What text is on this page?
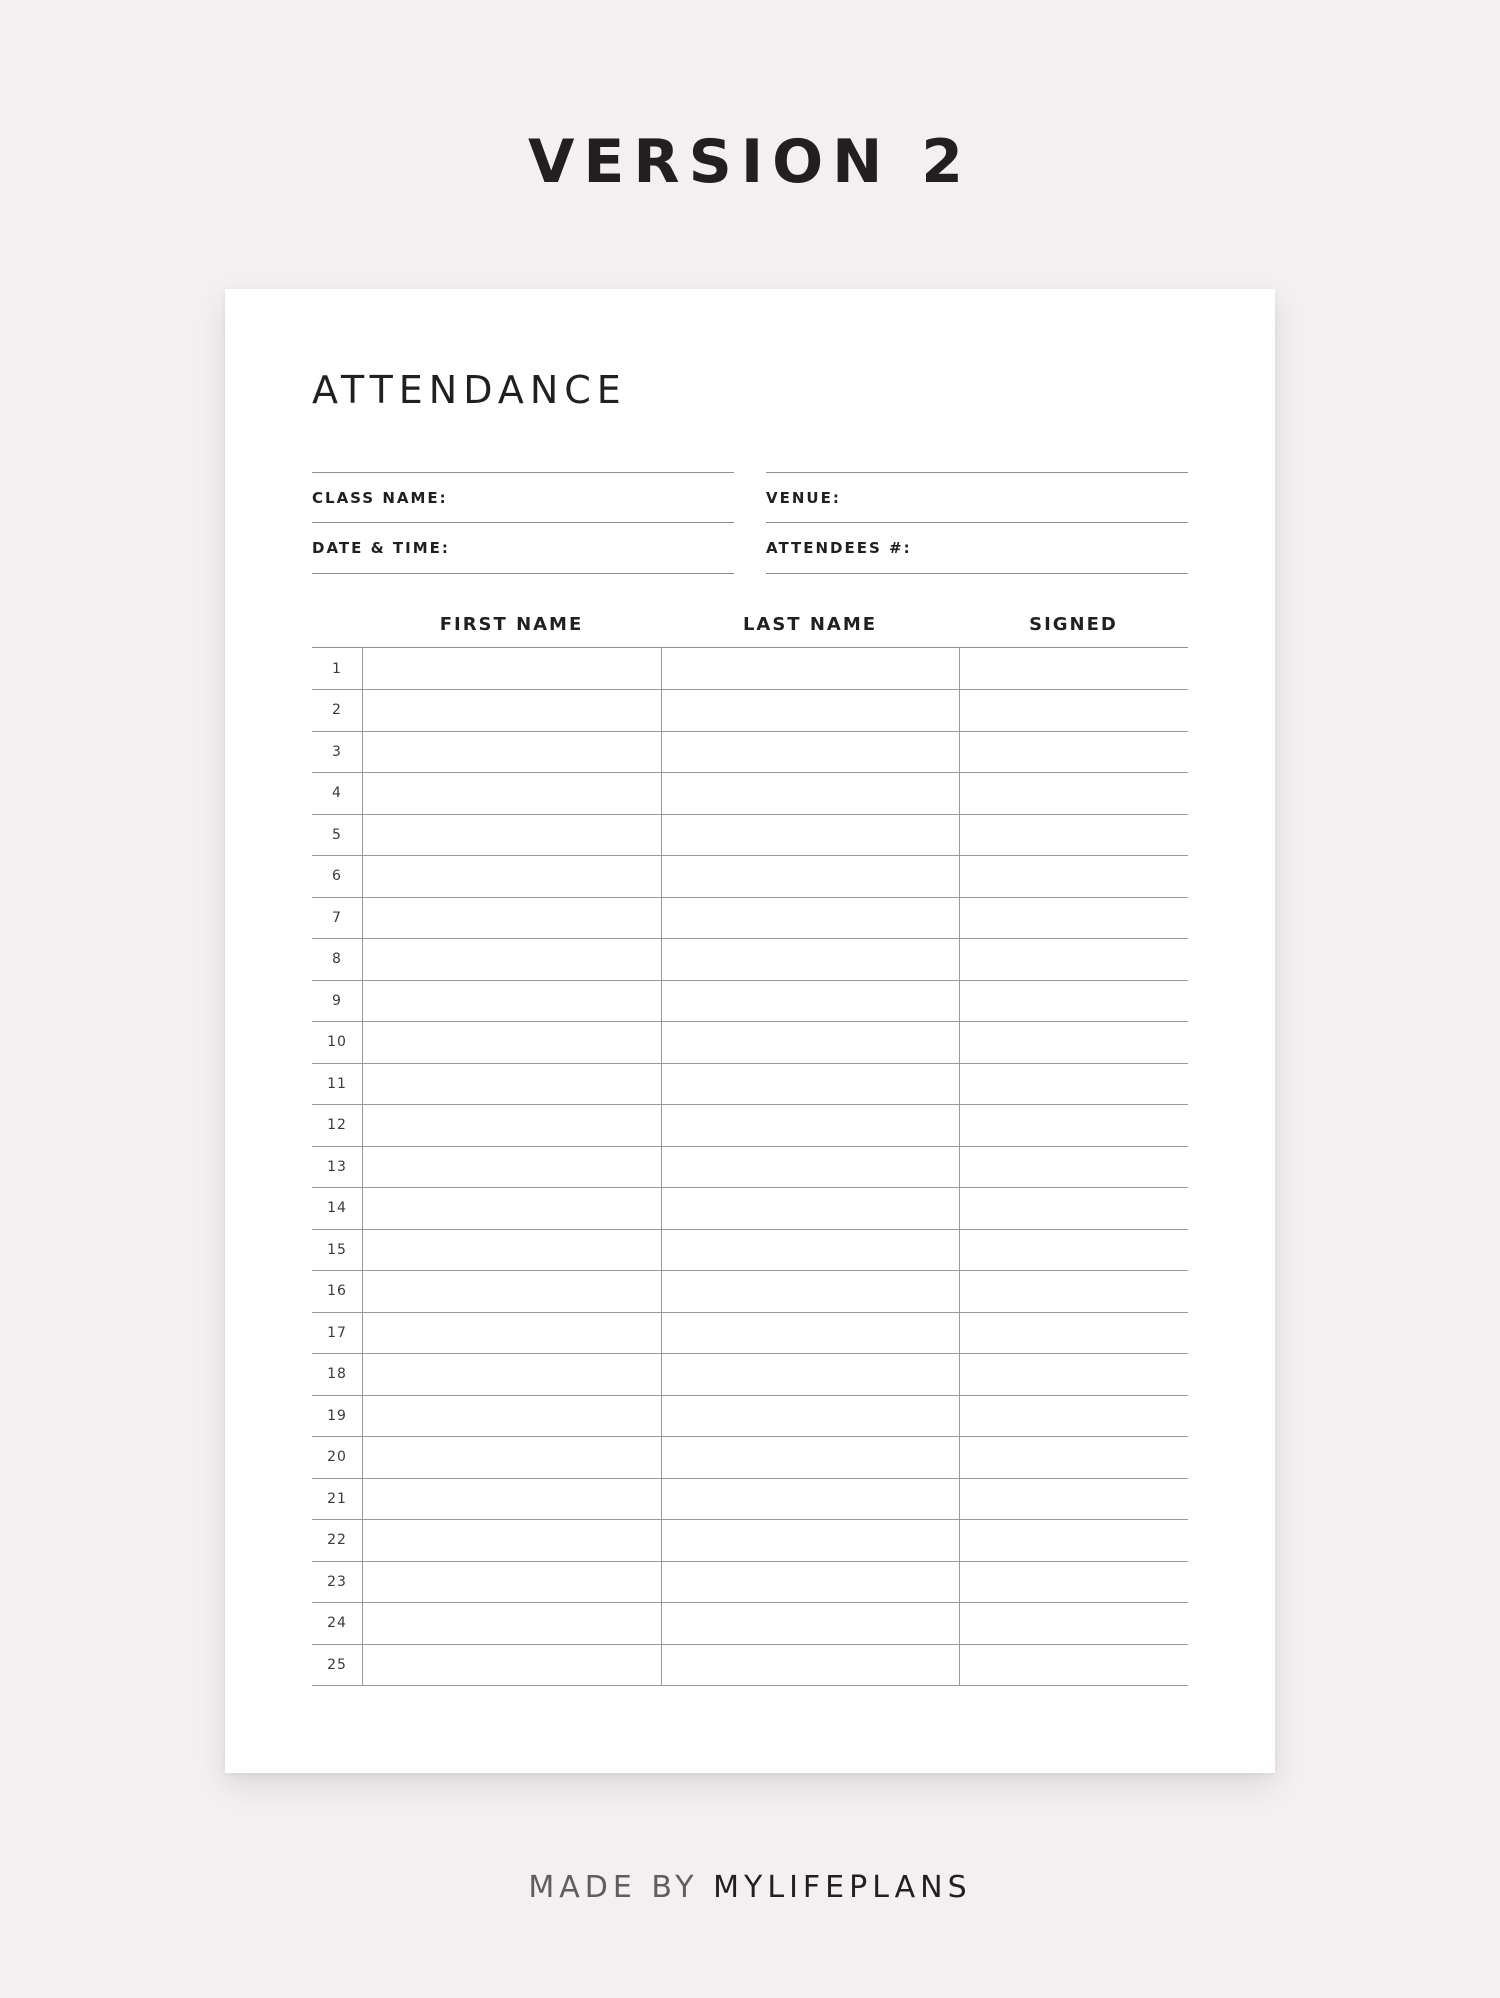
VERSION 2
ATTENDANCE
CLASS NAME:	VENUE:
DATE & TIME:	ATTENDEES #:
FIRST NAME	LAST NAME	SIGNED
1
2
3
4
5
6
7
8
9
10
11
12
13
14
15
16
17
18
19
20
21
22
23
24
25
MADE BY MYLIFEPLANS
